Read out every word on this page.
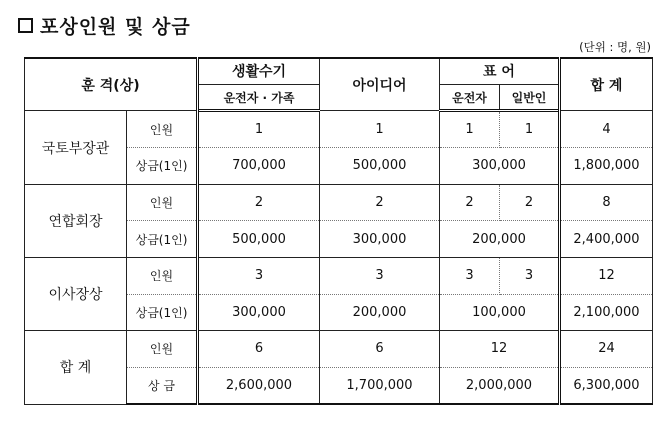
포상인원 및 상금
(단위 : 명, 원)
훈 격(상)		생활수기	아이디어	표 어		합 계
		운전자 · 가족		운전자	일반인	
국토부장관	인원	1	1	1	1	4
	상금(1인)	700,000	500,000	300,000		1,800,000
연합회장	인원	2	2	2	2	8
	상금(1인)	500,000	300,000	200,000		2,400,000
이사장상	인원	3	3	3	3	12
	상금(1인)	300,000	200,000	100,000		2,100,000
합 계	인원	6	6	12		24
	상 금	2,600,000	1,700,000	2,000,000		6,300,000
